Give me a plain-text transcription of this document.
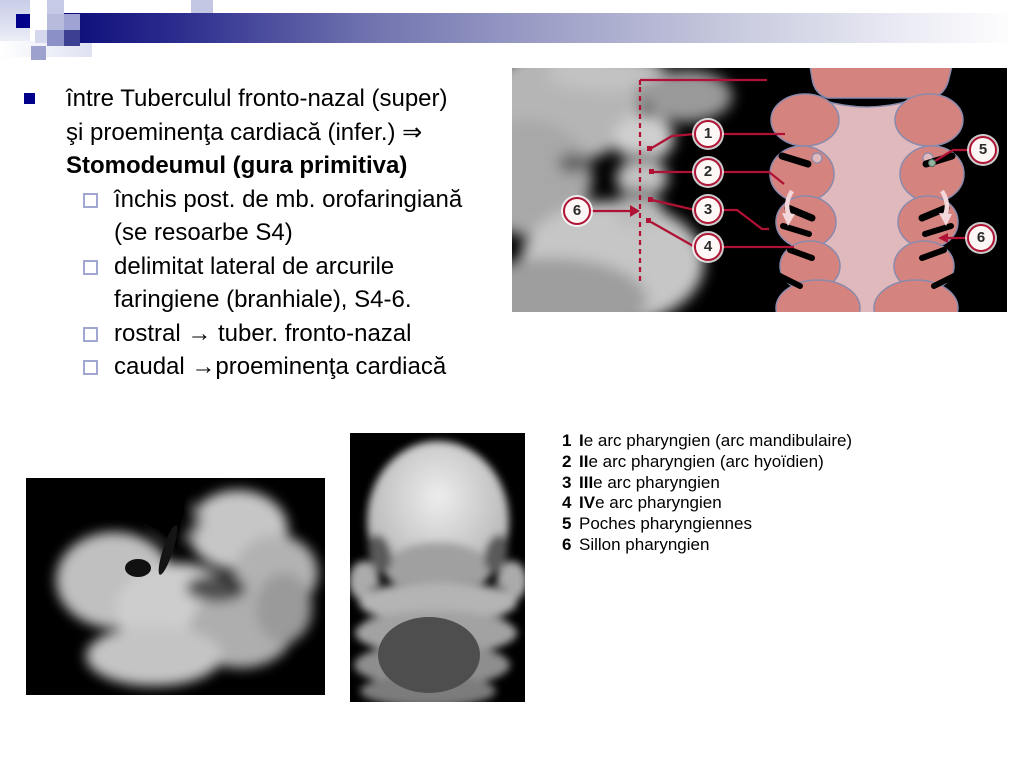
între Tuberculul fronto-nazal (super) şi proeminenţa cardiacă (infer.) ⇒ Stomodeumul (gura primitiva)
închis post. de mb. orofaringiană (se resoarbe S4)
delimitat lateral de arcurile faringiene (branhiale), S4-6.
rostral → tuber. fronto-nazal
caudal →proeminenţa cardiacă
1
2
3
4
6
5
6
1 Ie arc pharyngien (arc mandibulaire)
2 IIe arc pharyngien (arc hyoïdien)
3 IIIe arc pharyngien
4 IVe arc pharyngien
5 Poches pharyngiennes
6 Sillon pharyngien
